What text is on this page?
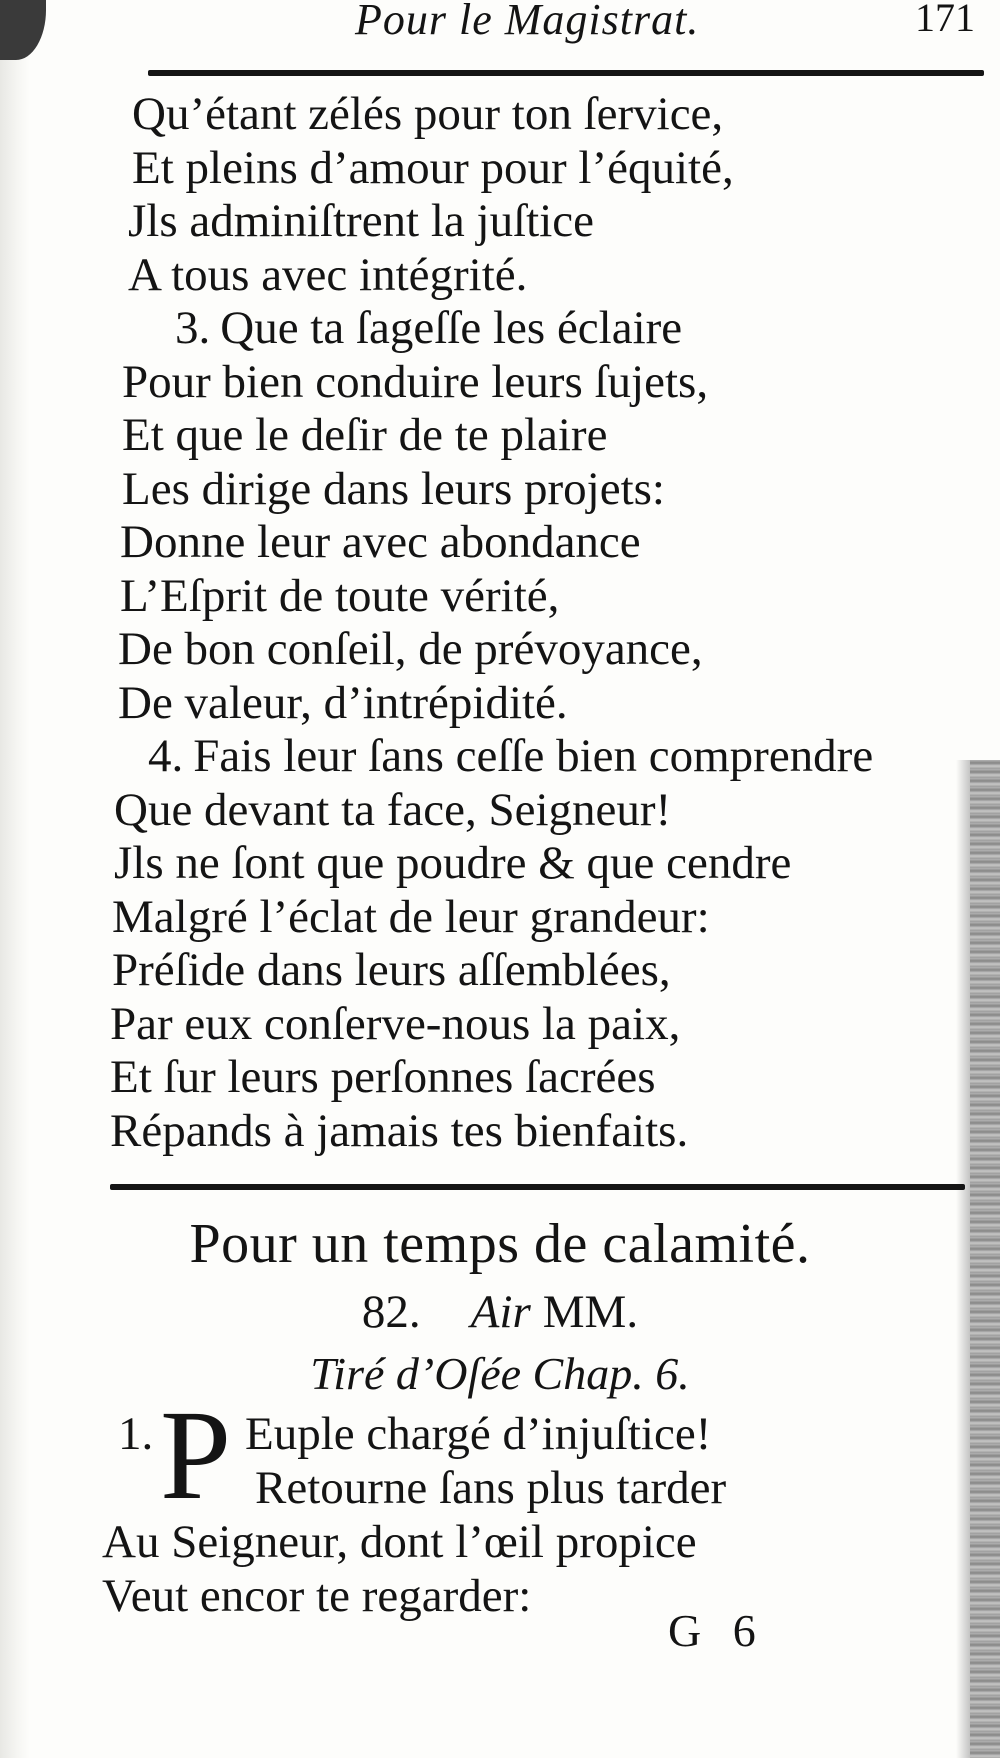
Pour le Magistrat.	171
Qu’étant zélés pour ton ſervice,
Et pleins d’amour pour l’équité,
Jls adminiſtrent la juſtice
A tous avec intégrité.
3. Que ta ſageſſe les éclaire
Pour bien conduire leurs ſujets,
Et que le deſir de te plaire
Les dirige dans leurs projets:
Donne leur avec abondance
L’Eſprit de toute vérité,
De bon conſeil, de prévoyance,
De valeur, d’intrépidité.
4. Fais leur ſans ceſſe bien comprendre
Que devant ta face, Seigneur!
Jls ne ſont que poudre & que cendre
Malgré l’éclat de leur grandeur:
Préſide dans leurs aſſemblées,
Par eux conſerve-nous la paix,
Et ſur leurs perſonnes ſacrées
Répands à jamais tes bienfaits.
Pour un temps de calamité.
82. Air MM.
Tiré d’Oſée Chap. 6.
1. P Euple chargé d’injuſtice!
Retourne ſans plus tarder
Au Seigneur, dont l’œil propice
Veut encor te regarder:
G 6
